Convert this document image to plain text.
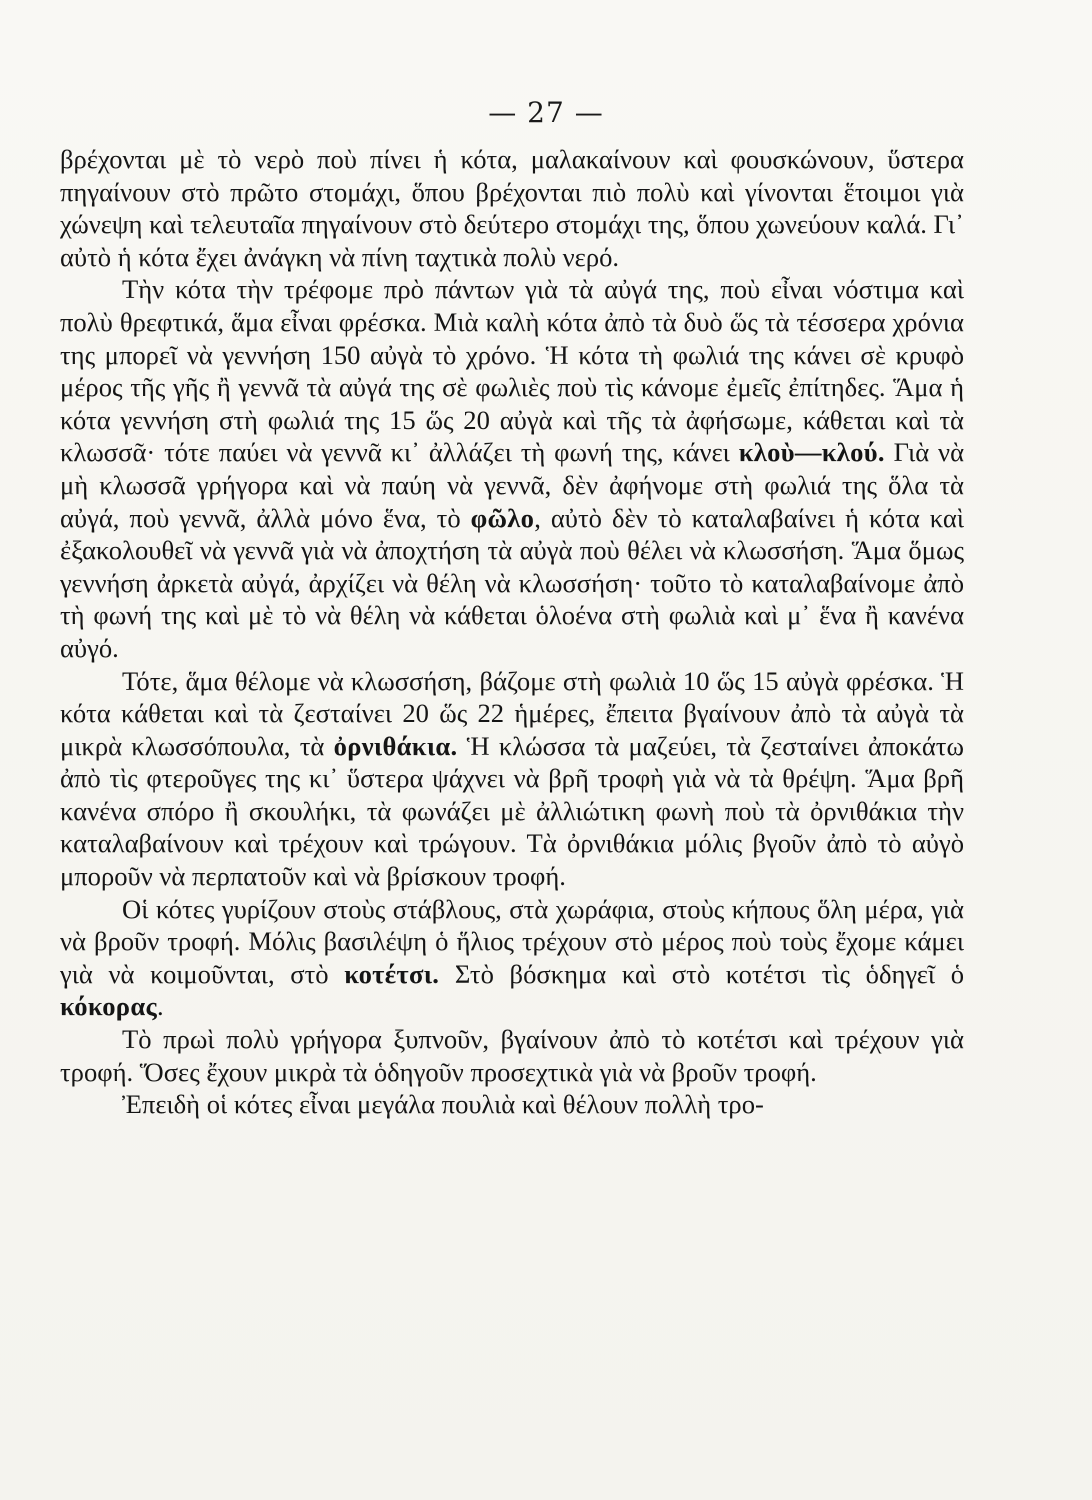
— 27 —

βρέχονται μὲ τὸ νερὸ ποὺ πίνει ἡ κότα, μαλακαίνουν καὶ φουσκώνουν, ὕστερα πηγαίνουν στὸ πρῶτο στομάχι, ὅπου βρέχονται πιὸ πολὺ καὶ γίνονται ἕτοιμοι γιὰ χώνεψη καὶ τελευταῖα πηγαίνουν στὸ δεύτερο στομάχι της, ὅπου χωνεύουν καλά. Γι᾿ αὐτὸ ἡ κότα ἔχει ἀνάγκη νὰ πίνη ταχτικὰ πολὺ νερό.

Τὴν κότα τὴν τρέφομε πρὸ πάντων γιὰ τὰ αὐγά της, ποὺ εἶναι νόστιμα καὶ πολὺ θρεφτικά, ἅμα εἶναι φρέσκα. Μιὰ καλὴ κότα ἀπὸ τὰ δυὸ ὥς τὰ τέσσερα χρόνια της μπορεῖ νὰ γεννήση 150 αὐγὰ τὸ χρόνο. Ἡ κότα τὴ φωλιά της κάνει σὲ κρυφὸ μέρος τῆς γῆς ἢ γεννᾶ τὰ αὐγά της σὲ φωλιὲς ποὺ τὶς κάνομε ἐμεῖς ἐπίτηδες. Ἅμα ἡ κότα γεννήση στὴ φωλιά της 15 ὥς 20 αὐγὰ καὶ τῆς τὰ ἀφήσωμε, κάθεται καὶ τὰ κλωσσᾶ· τότε παύει νὰ γεννᾶ κι᾿ ἀλλάζει τὴ φωνή της, κάνει κλοὺ—κλού. Γιὰ νὰ μὴ κλωσσᾶ γρήγορα καὶ νὰ παύη νὰ γεννᾶ, δὲν ἀφήνομε στὴ φωλιά της ὅλα τὰ αὐγά, ποὺ γεννᾶ, ἀλλὰ μόνο ἕνα, τὸ φῶλο, αὐτὸ δὲν τὸ καταλαβαίνει ἡ κότα καὶ ἐξακολουθεῖ νὰ γεννᾶ γιὰ νὰ ἀποχτήση τὰ αὐγὰ ποὺ θέλει νὰ κλωσσήση. Ἅμα ὅμως γεννήση ἀρκετὰ αὐγά, ἀρχίζει νὰ θέλη νὰ κλωσσήση· τοῦτο τὸ καταλαβαίνομε ἀπὸ τὴ φωνή της καὶ μὲ τὸ νὰ θέλη νὰ κάθεται ὁλοένα στὴ φωλιὰ καὶ μ᾿ ἕνα ἢ κανένα αὐγό.

Τότε, ἅμα θέλομε νὰ κλωσσήση, βάζομε στὴ φωλιὰ 10 ὥς 15 αὐγὰ φρέσκα. Ἡ κότα κάθεται καὶ τὰ ζεσταίνει 20 ὥς 22 ἡμέρες, ἔπειτα βγαίνουν ἀπὸ τὰ αὐγὰ τὰ μικρὰ κλωσσόπουλα, τὰ ὀρνιθάκια. Ἡ κλώσσα τὰ μαζεύει, τὰ ζεσταίνει ἀποκάτω ἀπὸ τὶς φτεροῦγες της κι᾿ ὕστερα ψάχνει νὰ βρῆ τροφὴ γιὰ νὰ τὰ θρέψη. Ἅμα βρῆ κανένα σπόρο ἢ σκουλήκι, τὰ φωνάζει μὲ ἀλλιώτικη φωνὴ ποὺ τὰ ὀρνιθάκια τὴν καταλαβαίνουν καὶ τρέχουν καὶ τρώγουν. Τὰ ὀρνιθάκια μόλις βγοῦν ἀπὸ τὸ αὐγὸ μποροῦν νὰ περπατοῦν καὶ νὰ βρίσκουν τροφή.

Οἱ κότες γυρίζουν στοὺς στάβλους, στὰ χωράφια, στοὺς κήπους ὅλη μέρα, γιὰ νὰ βροῦν τροφή. Μόλις βασιλέψη ὁ ἥλιος τρέχουν στὸ μέρος ποὺ τοὺς ἔχομε κάμει γιὰ νὰ κοιμοῦνται, στὸ κοτέτσι. Στὸ βόσκημα καὶ στὸ κοτέτσι τὶς ὁδηγεῖ ὁ κόκορας.

Τὸ πρωὶ πολὺ γρήγορα ξυπνοῦν, βγαίνουν ἀπὸ τὸ κοτέτσι καὶ τρέχουν γιὰ τροφή. Ὅσες ἔχουν μικρὰ τὰ ὁδηγοῦν προσεχτικὰ γιὰ νὰ βροῦν τροφή.

Ἐπειδὴ οἱ κότες εἶναι μεγάλα πουλιὰ καὶ θέλουν πολλὴ τρο-
